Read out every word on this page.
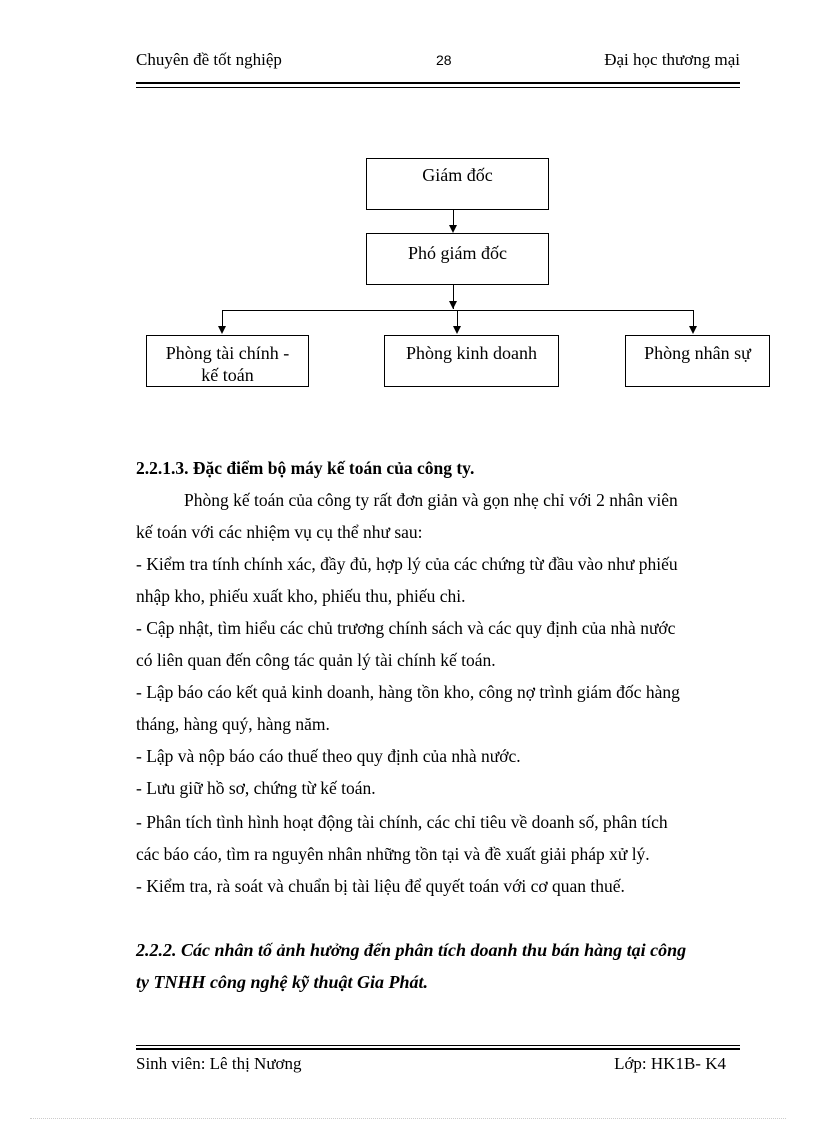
Chuyên đề tốt nghiệp	28	Đại học thương mại
Giám đốc
Phó giám đốc
Phòng tài chính -
kế toán
Phòng kinh doanh	Phòng nhân sự
2.2.1.3. Đặc điểm bộ máy kế toán của công ty.
Phòng kế toán của công ty rất đơn giản và gọn nhẹ chỉ với 2 nhân viên
kế toán với các nhiệm vụ cụ thể như sau:
- Kiểm tra tính chính xác, đầy đủ, hợp lý của các chứng từ đầu vào như phiếu
nhập kho, phiếu xuất kho, phiếu thu, phiếu chi.
- Cập nhật, tìm hiểu các chủ trương chính sách và các quy định của nhà nước
có liên quan đến công tác quản lý tài chính kế toán.
- Lập báo cáo kết quả kinh doanh, hàng tồn kho, công nợ trình giám đốc hàng
tháng, hàng quý, hàng năm.
- Lập và nộp báo cáo thuế theo quy định của nhà nước.
- Lưu giữ hồ sơ, chứng từ kế toán.
- Phân tích tình hình hoạt động tài chính, các chỉ tiêu về doanh số, phân tích
các báo cáo, tìm ra nguyên nhân những tồn tại và đề xuất giải pháp xử lý.
- Kiểm tra, rà soát và chuẩn bị tài liệu để quyết toán với cơ quan thuế.
2.2.2. Các nhân tố ảnh hưởng đến phân tích doanh thu bán hàng tại công
ty TNHH công nghệ kỹ thuật Gia Phát.
Sinh viên: Lê thị Nương	Lớp: HK1B- K4
